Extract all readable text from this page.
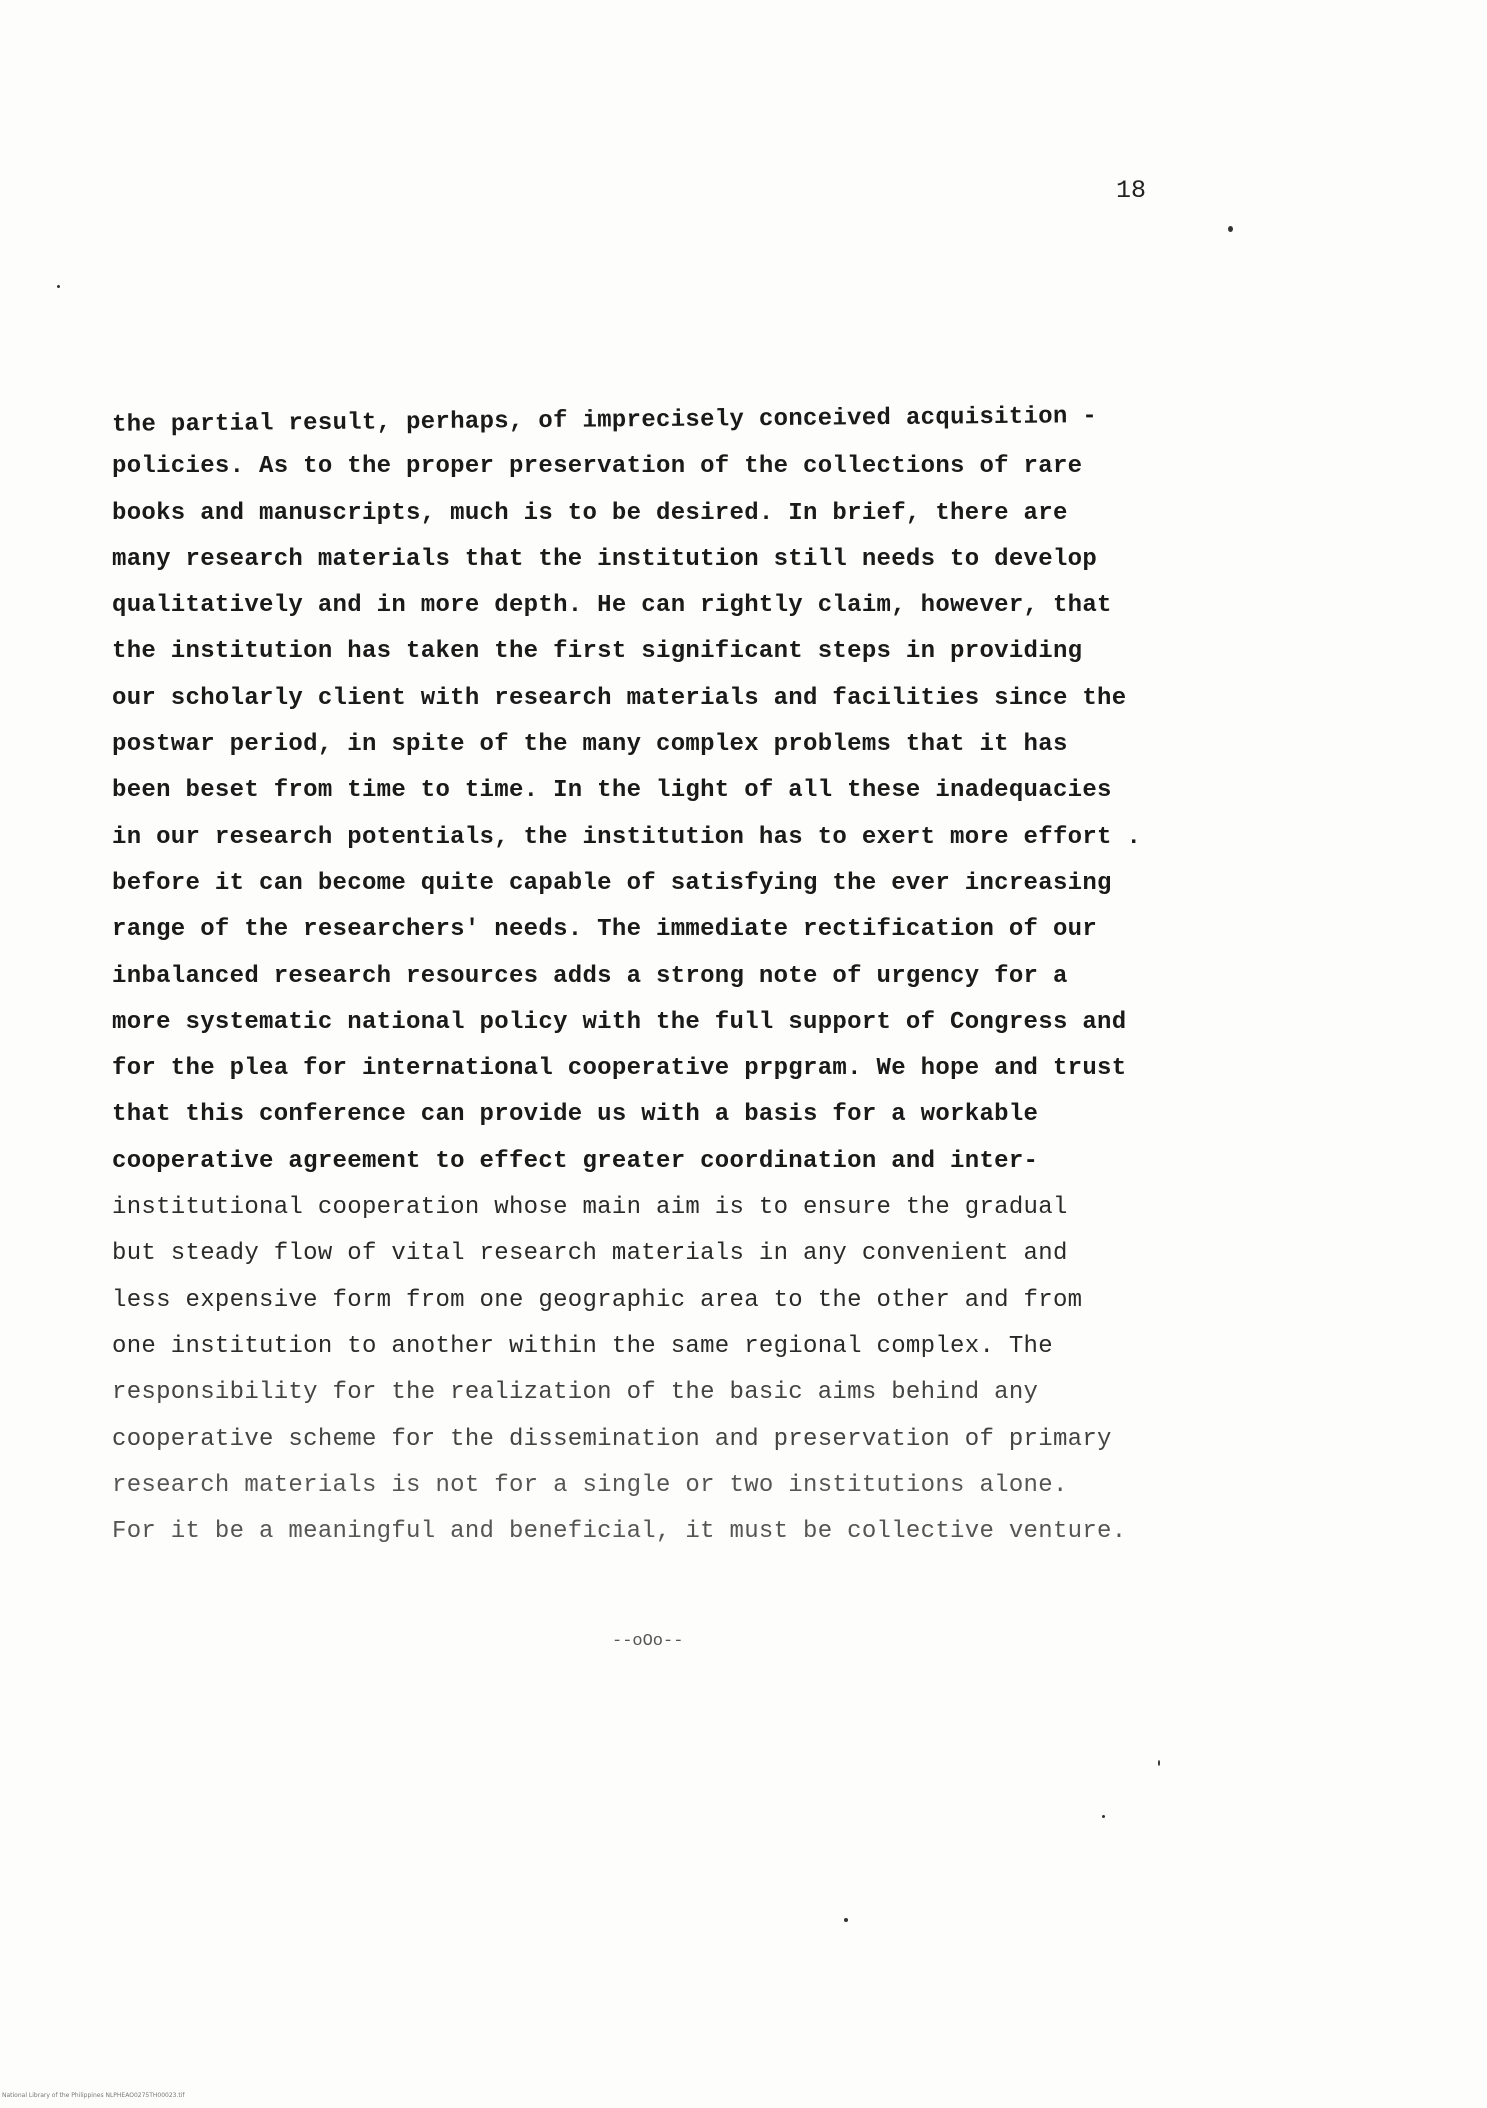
18
the partial result, perhaps, of imprecisely conceived acquisition -
policies. As to the proper preservation of the collections of rare
books and manuscripts, much is to be desired. In brief, there are
many research materials that the institution still needs to develop
qualitatively and in more depth. He can rightly claim, however, that
the institution has taken the first significant steps in providing
our scholarly client with research materials and facilities since the
postwar period, in spite of the many complex problems that it has
been beset from time to time. In the light of all these inadequacies
in our research potentials, the institution has to exert more effort .
before it can become quite capable of satisfying the ever increasing
range of the researchers' needs. The immediate rectification of our
inbalanced research resources adds a strong note of urgency for a
more systematic national policy with the full support of Congress and
for the plea for international cooperative prpgram. We hope and trust
that this conference can provide us with a basis for a workable
cooperative agreement to effect greater coordination and inter-
institutional cooperation whose main aim is to ensure the gradual
but steady flow of vital research materials in any convenient and
less expensive form from one geographic area to the other and from
one institution to another within the same regional complex. The
responsibility for the realization of the basic aims behind any
cooperative scheme for the dissemination and preservation of primary
research materials is not for a single or two institutions alone.
For it be a meaningful and beneficial, it must be collective venture.
--oOo--
National Library of the Philippines NLPHEAO0275TH00023.tif
